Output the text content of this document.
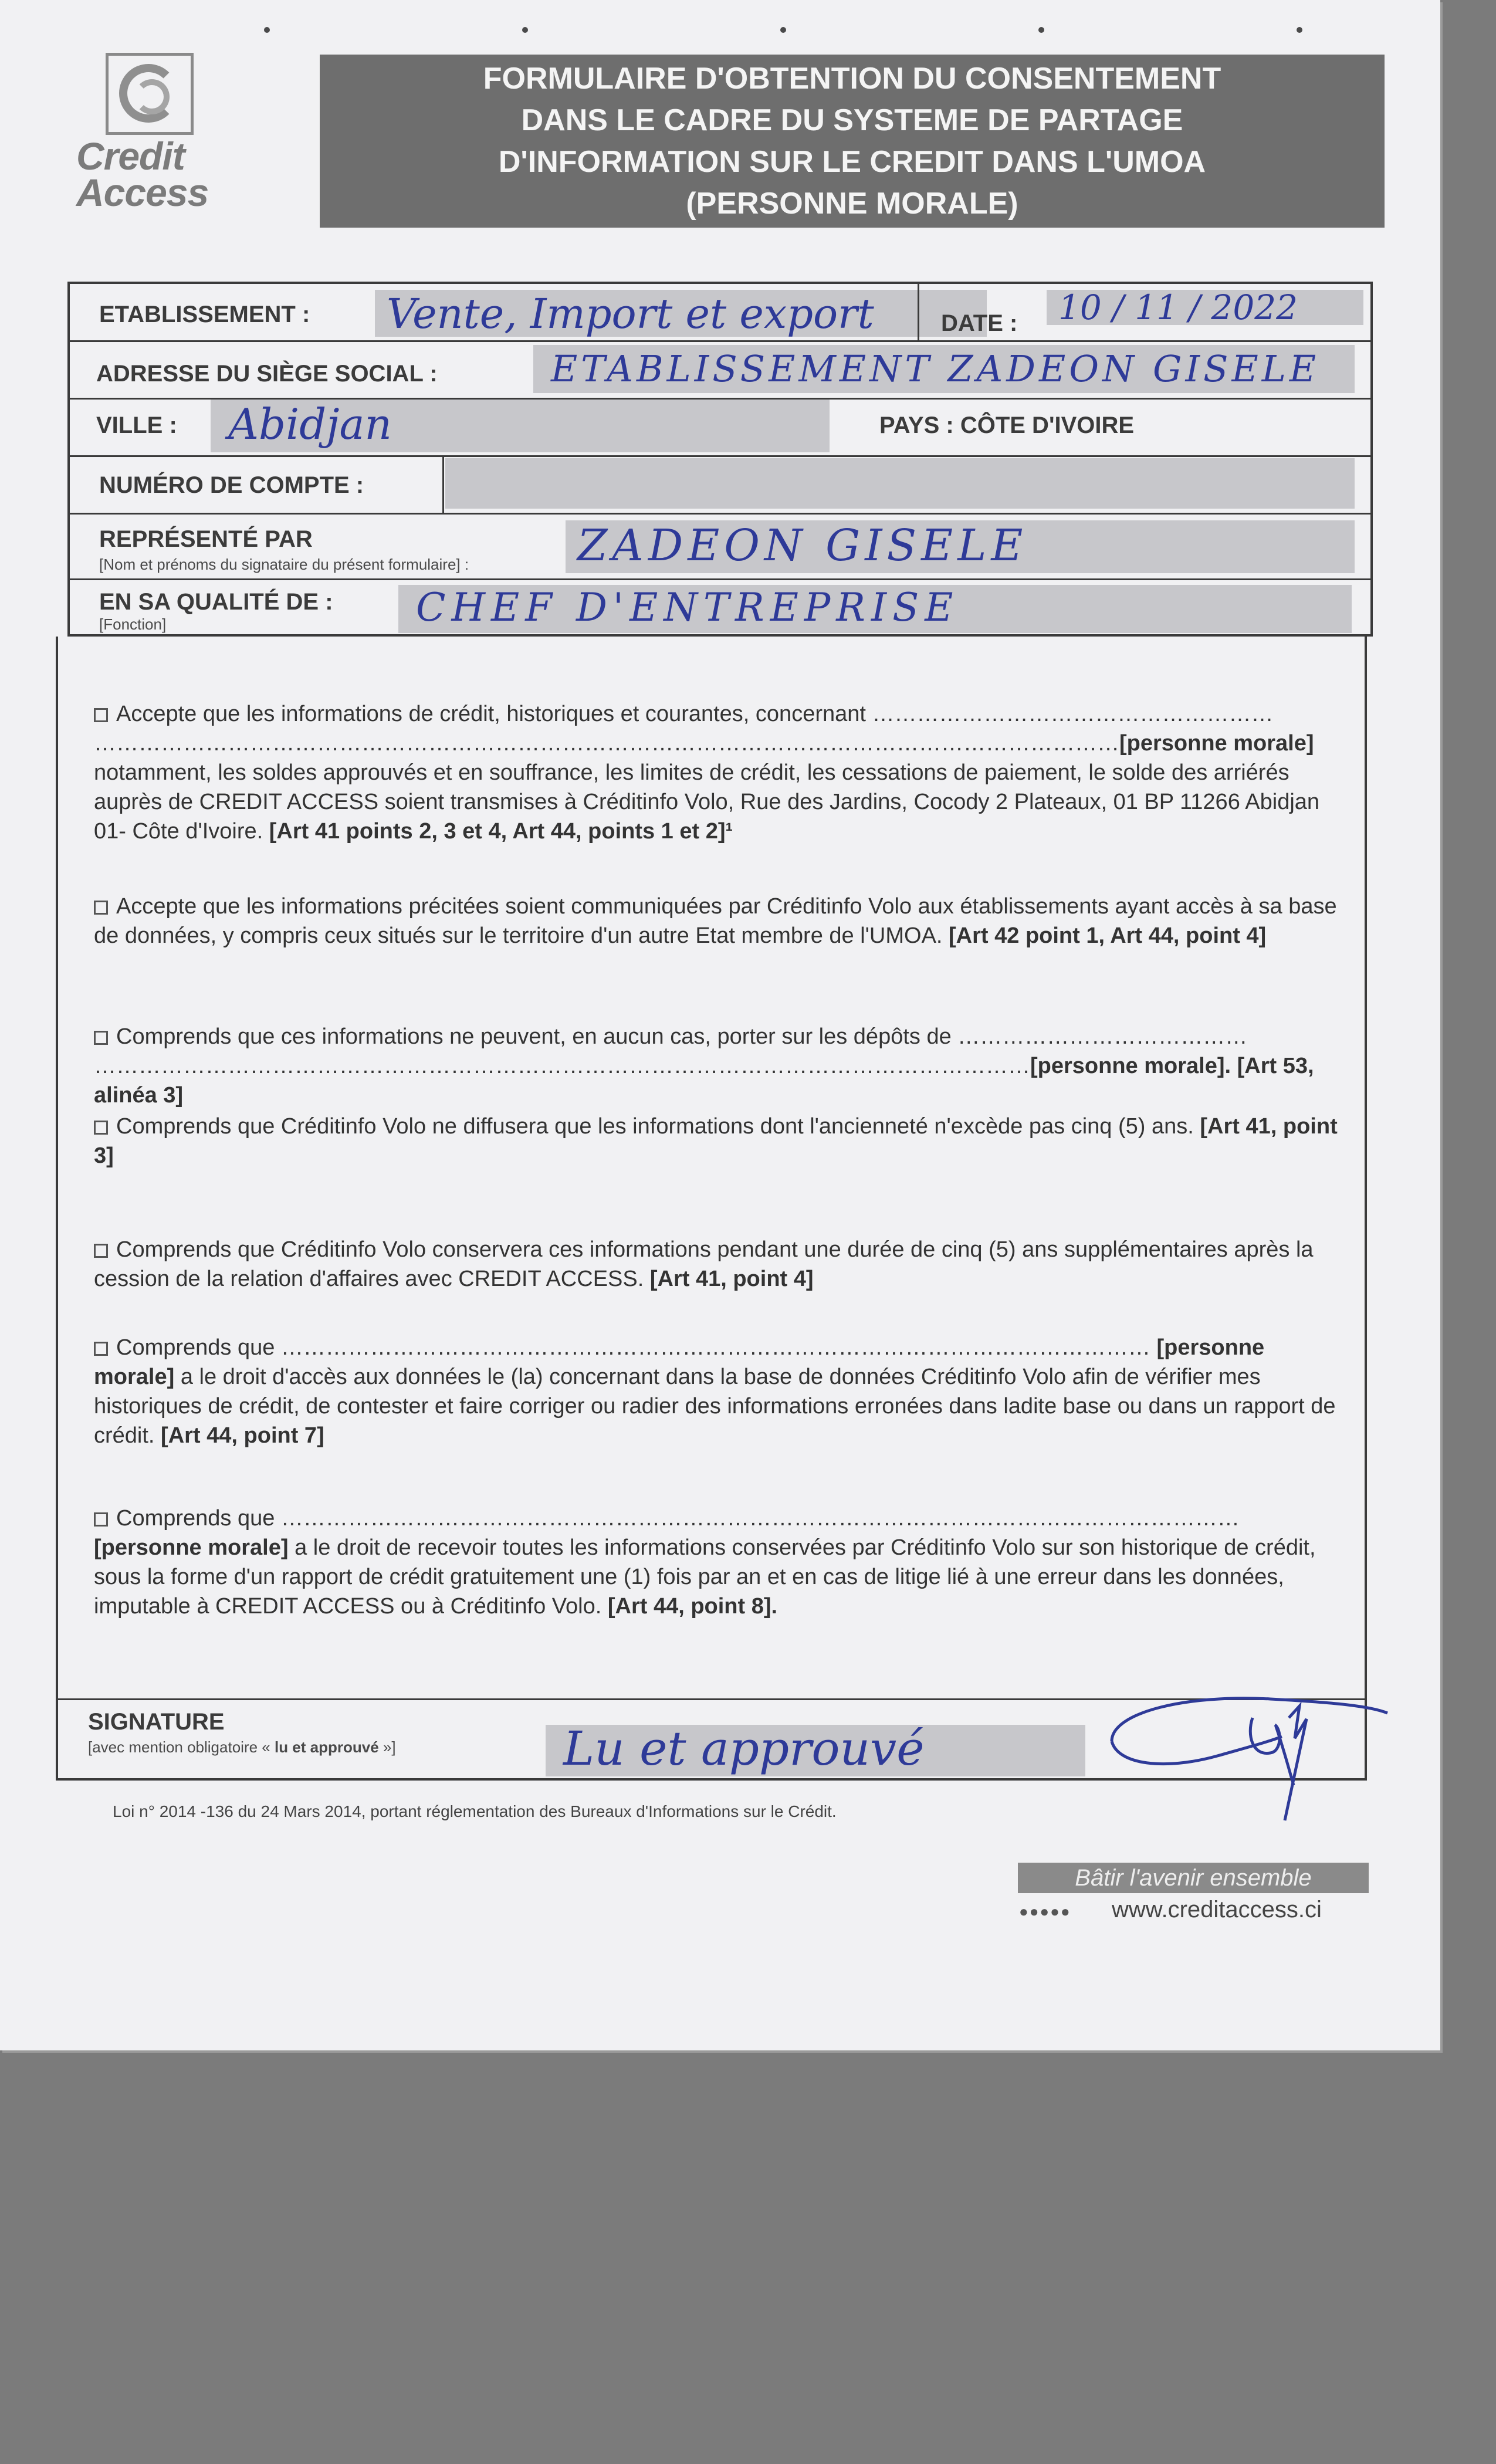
Credit
Access
FORMULAIRE D'OBTENTION DU CONSENTEMENT
DANS LE CADRE DU SYSTEME DE PARTAGE
D'INFORMATION SUR LE CREDIT DANS L'UMOA
(PERSONNE MORALE)
ETABLISSEMENT : Vente, Import et export	DATE : 10 / 11 / 2022
ADRESSE DU SIÈGE SOCIAL :	ETABLISSEMENT ZADEON GISELE
VILLE : Abidjan	PAYS : CÔTE D'IVOIRE
NUMÉRO DE COMPTE :
REPRÉSENTÉ PAR
[Nom et prénoms du signataire du présent formulaire] : ZADEON GISELE
EN SA QUALITÉ DE :
[Fonction]	CHEF D'ENTREPRISE
Accepte que les informations de crédit, historiques et courantes, concernant ……………………………………………… …………………………………………………………………………………………………………………………[personne morale] notamment, les soldes approuvés et en souffrance, les limites de crédit, les cessations de paiement, le solde des arriérés auprès de CREDIT ACCESS soient transmises à Créditinfo Volo, Rue des Jardins, Cocody 2 Plateaux, 01 BP 11266 Abidjan 01- Côte d'Ivoire. [Art 41 points 2, 3 et 4, Art 44, points 1 et 2]¹
Accepte que les informations précitées soient communiquées par Créditinfo Volo aux établissements ayant accès à sa base de données, y compris ceux situés sur le territoire d'un autre Etat membre de l'UMOA. [Art 42 point 1, Art 44, point 4]
Comprends que ces informations ne peuvent, en aucun cas, porter sur les dépôts de ………………………………… ………………………………………………………………………………………………………………[personne morale]. [Art 53, alinéa 3]
Comprends que Créditinfo Volo ne diffusera que les informations dont l'ancienneté n'excède pas cinq (5) ans. [Art 41, point 3]
Comprends que Créditinfo Volo conservera ces informations pendant une durée de cinq (5) ans supplémentaires après la cession de la relation d'affaires avec CREDIT ACCESS. [Art 41, point 4]
Comprends que ……………………………………………………………………………………………………… [personne morale] a le droit d'accès aux données le (la) concernant dans la base de données Créditinfo Volo afin de vérifier mes historiques de crédit, de contester et faire corriger ou radier des informations erronées dans ladite base ou dans un rapport de crédit. [Art 44, point 7]
Comprends que ………………………………………………………………………………………………………………… [personne morale] a le droit de recevoir toutes les informations conservées par Créditinfo Volo sur son historique de crédit, sous la forme d'un rapport de crédit gratuitement une (1) fois par an et en cas de litige lié à une erreur dans les données, imputable à CREDIT ACCESS ou à Créditinfo Volo. [Art 44, point 8].
SIGNATURE
[avec mention obligatoire « lu et approuvé »]	Lu et approuvé
Loi n° 2014 -136 du 24 Mars 2014, portant réglementation des Bureaux d'Informations sur le Crédit.
Bâtir l'avenir ensemble
●●●●● www.creditaccess.ci
